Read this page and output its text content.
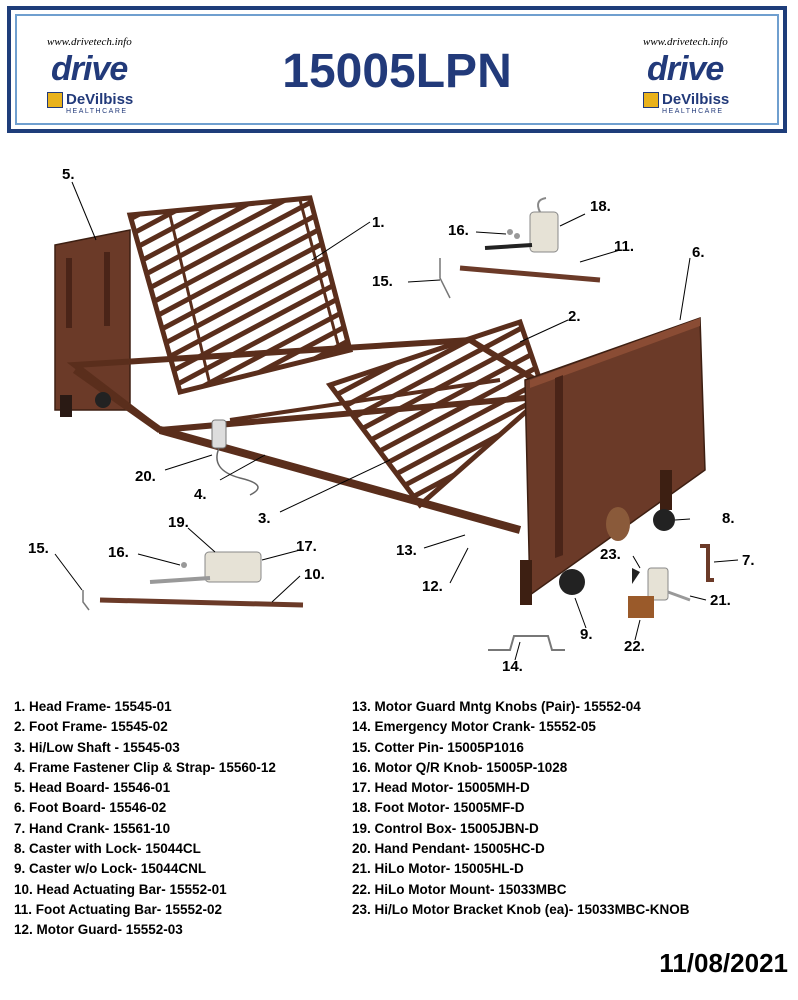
www.drivetech.info
drive
DeVilbiss
HEALTHCARE
15005LPN
www.drivetech.info
drive
DeVilbiss
HEALTHCARE
5.
1.
18.
16.
11.	6.
15.
2.
20.
4.
3.	8.
19.
17.
16.
15.	13.
10.
23.	7.
12.
21.
9.
22.
14.
1. Head Frame- 15545-01
2. Foot Frame- 15545-02
3. Hi/Low Shaft - 15545-03
4. Frame Fastener Clip & Strap- 15560-12
5. Head Board- 15546-01
6. Foot Board- 15546-02
7. Hand Crank- 15561-10
8. Caster with Lock- 15044CL
9. Caster w/o Lock- 15044CNL
10. Head Actuating Bar- 15552-01
11. Foot Actuating Bar- 15552-02
12. Motor Guard- 15552-03
13. Motor Guard Mntg Knobs (Pair)- 15552-04
14. Emergency Motor Crank- 15552-05
15. Cotter Pin- 15005P1016
16. Motor Q/R Knob- 15005P-1028
17. Head Motor- 15005MH-D
18. Foot Motor- 15005MF-D
19. Control Box- 15005JBN-D
20. Hand Pendant- 15005HC-D
21. HiLo Motor- 15005HL-D
22. HiLo Motor Mount- 15033MBC
23. Hi/Lo Motor Bracket Knob (ea)- 15033MBC-KNOB
11/08/2021
